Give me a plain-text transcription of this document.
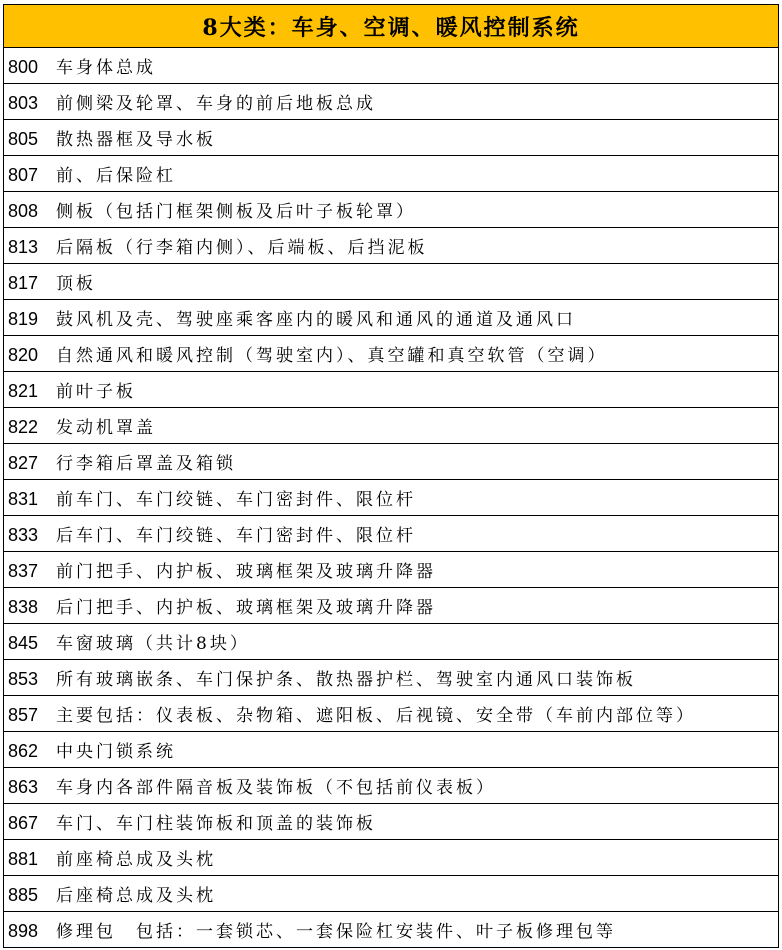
8大类：车身、空调、暖风控制系统
800 车身体总成
803 前侧梁及轮罩、车身的前后地板总成
805 散热器框及导水板
807 前、后保险杠
808 侧板（包括门框架侧板及后叶子板轮罩）
813 后隔板（行李箱内侧）、后端板、后挡泥板
817 顶板
819 鼓风机及壳、驾驶座乘客座内的暖风和通风的通道及通风口
820 自然通风和暖风控制（驾驶室内）、真空罐和真空软管（空调）
821 前叶子板
822 发动机罩盖
827 行李箱后罩盖及箱锁
831 前车门、车门绞链、车门密封件、限位杆
833 后车门、车门绞链、车门密封件、限位杆
837 前门把手、内护板、玻璃框架及玻璃升降器
838 后门把手、内护板、玻璃框架及玻璃升降器
845 车窗玻璃（共计8块）
853 所有玻璃嵌条、车门保护条、散热器护栏、驾驶室内通风口装饰板
857 主要包括：仪表板、杂物箱、遮阳板、后视镜、安全带（车前内部位等）
862 中央门锁系统
863 车身内各部件隔音板及装饰板（不包括前仪表板）
867 车门、车门柱装饰板和顶盖的装饰板
881 前座椅总成及头枕
885 后座椅总成及头枕
898 修理包　包括：一套锁芯、一套保险杠安装件、叶子板修理包等
